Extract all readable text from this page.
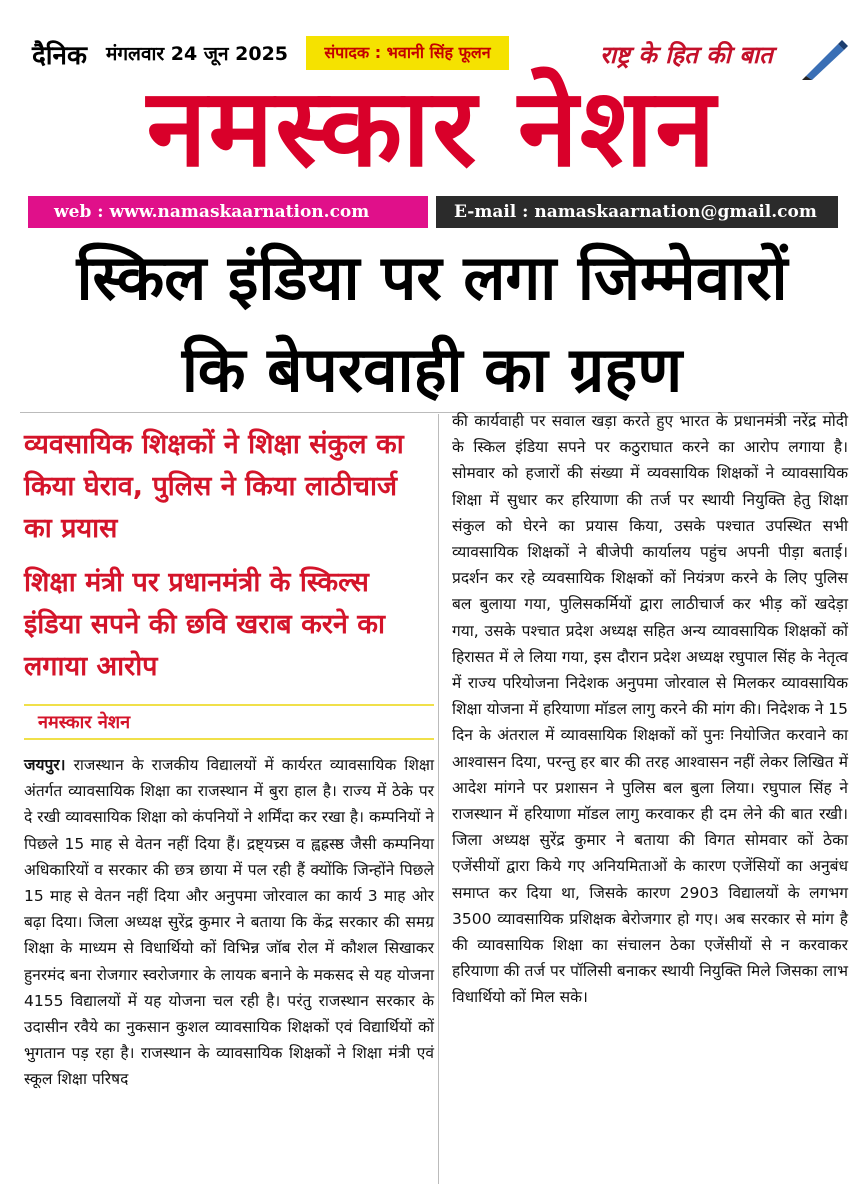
दैनिक मंगलवार 24 जून 2025	संपादक : भवानी सिंह फूलन	राष्ट्र के हित की बात
नमस्कार नेशन
web : www.namaskaarnation.com	E-mail : namaskaarnation@gmail.com
स्किल इंडिया पर लगा जिम्मेवारों
कि बेपरवाही का ग्रहण
व्यवसायिक शिक्षकों ने शिक्षा संकुल का किया घेराव, पुलिस ने किया लाठीचार्ज का प्रयास
शिक्षा मंत्री पर प्रधानमंत्री के स्किल्स इंडिया सपने की छवि खराब करने का लगाया आरोप
नमस्कार नेशन
जयपुर। राजस्थान के राजकीय विद्यालयों में कार्यरत व्यावसायिक शिक्षा अंतर्गत व्यावसायिक शिक्षा का राजस्थान में बुरा हाल है। राज्य में ठेके पर दे रखी व्यावसायिक शिक्षा को कंपनियों ने शर्मिंदा कर रखा है। कम्पनियों ने पिछले 15 माह से वेतन नहीं दिया हैं। द्रष्ट्यच्र्स व ह्वह्रस्ष्ठ जैसी कम्पनिया अधिकारियों व सरकार की छत्र छाया में पल रही हैं क्योंकि जिन्होंने पिछले 15 माह से वेतन नहीं दिया और अनुपमा जोरवाल का कार्य 3 माह ओर बढ़ा दिया। जिला अध्यक्ष सुरेंद्र कुमार ने बताया कि केंद्र सरकार की समग्र शिक्षा के माध्यम से विधार्थियो कों विभिन्न जॉब रोल में कौशल सिखाकर हुनरमंद बना रोजगार स्वरोजगार के लायक बनाने के मकसद से यह योजना 4155 विद्यालयों में यह योजना चल रही है। परंतु राजस्थान सरकार के उदासीन रवैये का नुकसान कुशल व्यावसायिक शिक्षकों एवं विद्यार्थियों कों भुगतान पड़ रहा है। राजस्थान के व्यावसायिक शिक्षकों ने शिक्षा मंत्री एवं स्कूल शिक्षा परिषद
की कार्यवाही पर सवाल खड़ा करते हुए भारत के प्रधानमंत्री नरेंद्र मोदी के स्किल इंडिया सपने पर कठुराघात करने का आरोप लगाया है। सोमवार को हजारों की संख्या में व्यवसायिक शिक्षकों ने व्यावसायिक शिक्षा में सुधार कर हरियाणा की तर्ज पर स्थायी नियुक्ति हेतु शिक्षा संकुल को घेरने का प्रयास किया, उसके पश्चात उपस्थित सभी व्यावसायिक शिक्षकों ने बीजेपी कार्यालय पहुंच अपनी पीड़ा बताई। प्रदर्शन कर रहे व्यवसायिक शिक्षकों कों नियंत्रण करने के लिए पुलिस बल बुलाया गया, पुलिसकर्मियों द्वारा लाठीचार्ज कर भीड़ कों खदेड़ा गया, उसके पश्चात प्रदेश अध्यक्ष सहित अन्य व्यावसायिक शिक्षकों कों हिरासत में ले लिया गया, इस दौरान प्रदेश अध्यक्ष रघुपाल सिंह के नेतृत्व में राज्य परियोजना निदेशक अनुपमा जोरवाल से मिलकर व्यावसायिक शिक्षा योजना में हरियाणा मॉडल लागु करने की मांग की। निदेशक ने 15 दिन के अंतराल में व्यावसायिक शिक्षकों कों पुनः नियोजित करवाने का आश्वासन दिया, परन्तु हर बार की तरह आश्वासन नहीं लेकर लिखित में आदेश मांगने पर प्रशासन ने पुलिस बल बुला लिया। रघुपाल सिंह ने राजस्थान में हरियाणा मॉडल लागु करवाकर ही दम लेने की बात रखी। जिला अध्यक्ष सुरेंद्र कुमार ने बताया की विगत सोमवार कों ठेका एजेंसीयों द्वारा किये गए अनियमिताओं के कारण एजेंसियों का अनुबंध समाप्त कर दिया था, जिसके कारण 2903 विद्यालयों के लगभग 3500 व्यावसायिक प्रशिक्षक बेरोजगार हो गए। अब सरकार से मांग है की व्यावसायिक शिक्षा का संचालन ठेका एजेंसीयों से न करवाकर हरियाणा की तर्ज पर पॉलिसी बनाकर स्थायी नियुक्ति मिले जिसका लाभ विधार्थियो कों मिल सके।
